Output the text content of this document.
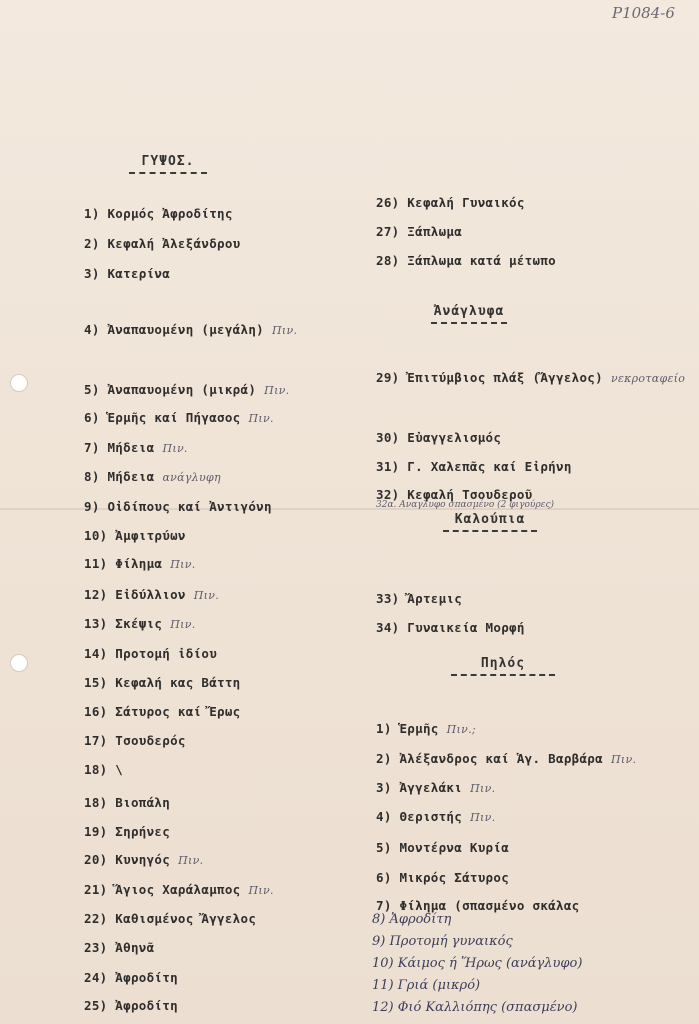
P1084-6
ΓΥΨΟΣ.
1) Κορμός Ἀφροδίτης
2) Κεφαλή Ἀλεξάνδρου
3) Κατερίνα
4) Ἀναπαυομένη (μεγάλη) Πιν.
5) Ἀναπαυομένη (μικρά) Πιν.
6) Ἑρμῆς καί Πήγασος Πιν.
7) Μήδεια Πιν.
8) Μήδεια ανάγλυφη
9) Οἰδίπους καί Ἀντιγόνη
10) Ἀμφιτρύων
11) Φίλημα Πιν.
12) Εἰδύλλιον Πιν.
13) Σκέψις Πιν.
14) Προτομή ἰδίου
15) Κεφαλή κας Βάττη
16) Σάτυρος καί Ἔρως
17) Τσουδερός
18) \
18) Βιοπάλη
19) Σηρήνες
20) Κυνηγός Πιν.
21) Ἅγιος Χαράλαμπος Πιν.
22) Καθισμένος Ἄγγελος
23) Ἀθηνᾶ
24) Ἀφροδίτη
25) Ἀφροδίτη
26) Κεφαλή Γυναικός
27) Ξάπλωμα
28) Ξάπλωμα κατά μέτωπο
Ἀνάγλυφα
29) Ἐπιτύμβιος πλάξ (Ἄγγελος) νεκροταφείο
30) Εὐαγγελισμός
31) Γ. Χαλεπᾶς καί Εἰρήνη
32) Κεφαλή Τσουδεροῦ
32α. Αναγλυφο σπασμένο (2 φιγούρες)
Καλούπια
33) Ἄρτεμις
34) Γυναικεία Μορφή
Πηλός
1) Ἑρμῆς Πιν.;
2) Ἀλέξανδρος καί Ἁγ. Βαρβάρα Πιν.
3) Ἀγγελάκι Πιν.
4) Θεριστής Πιν.
5) Μοντέρνα Κυρία
6) Μικρός Σάτυρος
7) Φίλημα (σπασμένο σκάλας
8) Ἀφροδίτη
9) Προτομή γυναικός
10) Κάιμος ή Ἥρως (ανάγλυφο)
11) Γριά (μικρό)
12) Φιό Καλλιόπης (σπασμένο)
